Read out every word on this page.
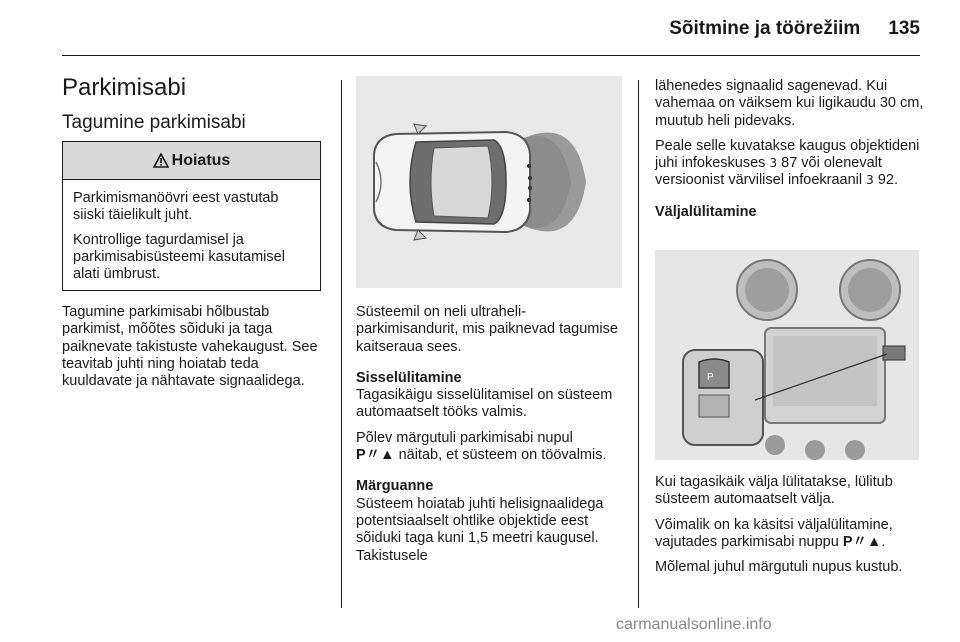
Sõitmine ja töörežiim 135
Parkimisabi
Tagumine parkimisabi
Hoiatus

Parkimismanöövri eest vastutab siiski täielikult juht.

Kontrollige tagurdamisel ja parkimisabisüsteemi kasutamisel alati ümbrust.

Tagumine parkimisabi hõlbustab parkimist, mõõtes sõiduki ja taga paiknevate takistuste vahekaugust. See teavitab juhti ning hoiatab teda kuuldavate ja nähtavate signaalidega.

Süsteemil on neli ultraheli-parkimisandurit, mis paiknevad tagumise kaitseraua sees.

Sisselülitamine

Tagasikäigu sisselülitamisel on süsteem automaatselt tööks valmis.

Põlev märgutuli parkimisabi nupul
P〃▲ näitab, et süsteem on töövalmis.

Märguanne

Süsteem hoiatab juhti helisignaalidega potentsiaalselt ohtlike objektide eest sõiduki taga kuni 1,5 meetri kaugusel. Takistusele

lähenedes signaalid sagenevad. Kui vahemaa on väiksem kui ligikaudu 30 cm, muutub heli pidevaks.

Peale selle kuvatakse kaugus objektideni juhi infokeskuses 3 87 või olenevalt versioonist värvilisel infoekraanil 3 92.

Väljalülitamine
P

Kui tagasikäik välja lülitatakse, lülitub süsteem automaatselt välja.

Võimalik on ka käsitsi väljalülitamine, vajutades parkimisabi nuppu P〃▲.

Mõlemal juhul märgutuli nupus kustub.

carmanualsonline.info
